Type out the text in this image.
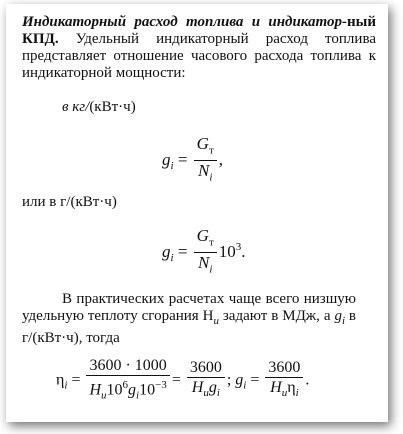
Индикаторный расход топлива и индикатор-ный КПД. Удельный индикаторный расход топлива представляет отношение часового расхода топлива к индикаторной мощности:
в кг/(кВт·ч)
$g_i = \frac{G_т}{N_i}$ ,
или в г/(кВт·ч)
$g_i = \frac{G_т}{N_i} 10^3$.
В практических расчетах чаще всего низшую удельную теплоту сгорания $H_u$ задают в МДж, а $g_i$ в г/(кВт·ч), тогда
$\eta_i = \frac{3600 \cdot 1000}{H_u10^6g_i10^{-3}} = \frac{3600}{H_ug_i}$ ; $g_i = \frac{3600}{H_u\eta_i}$ .
